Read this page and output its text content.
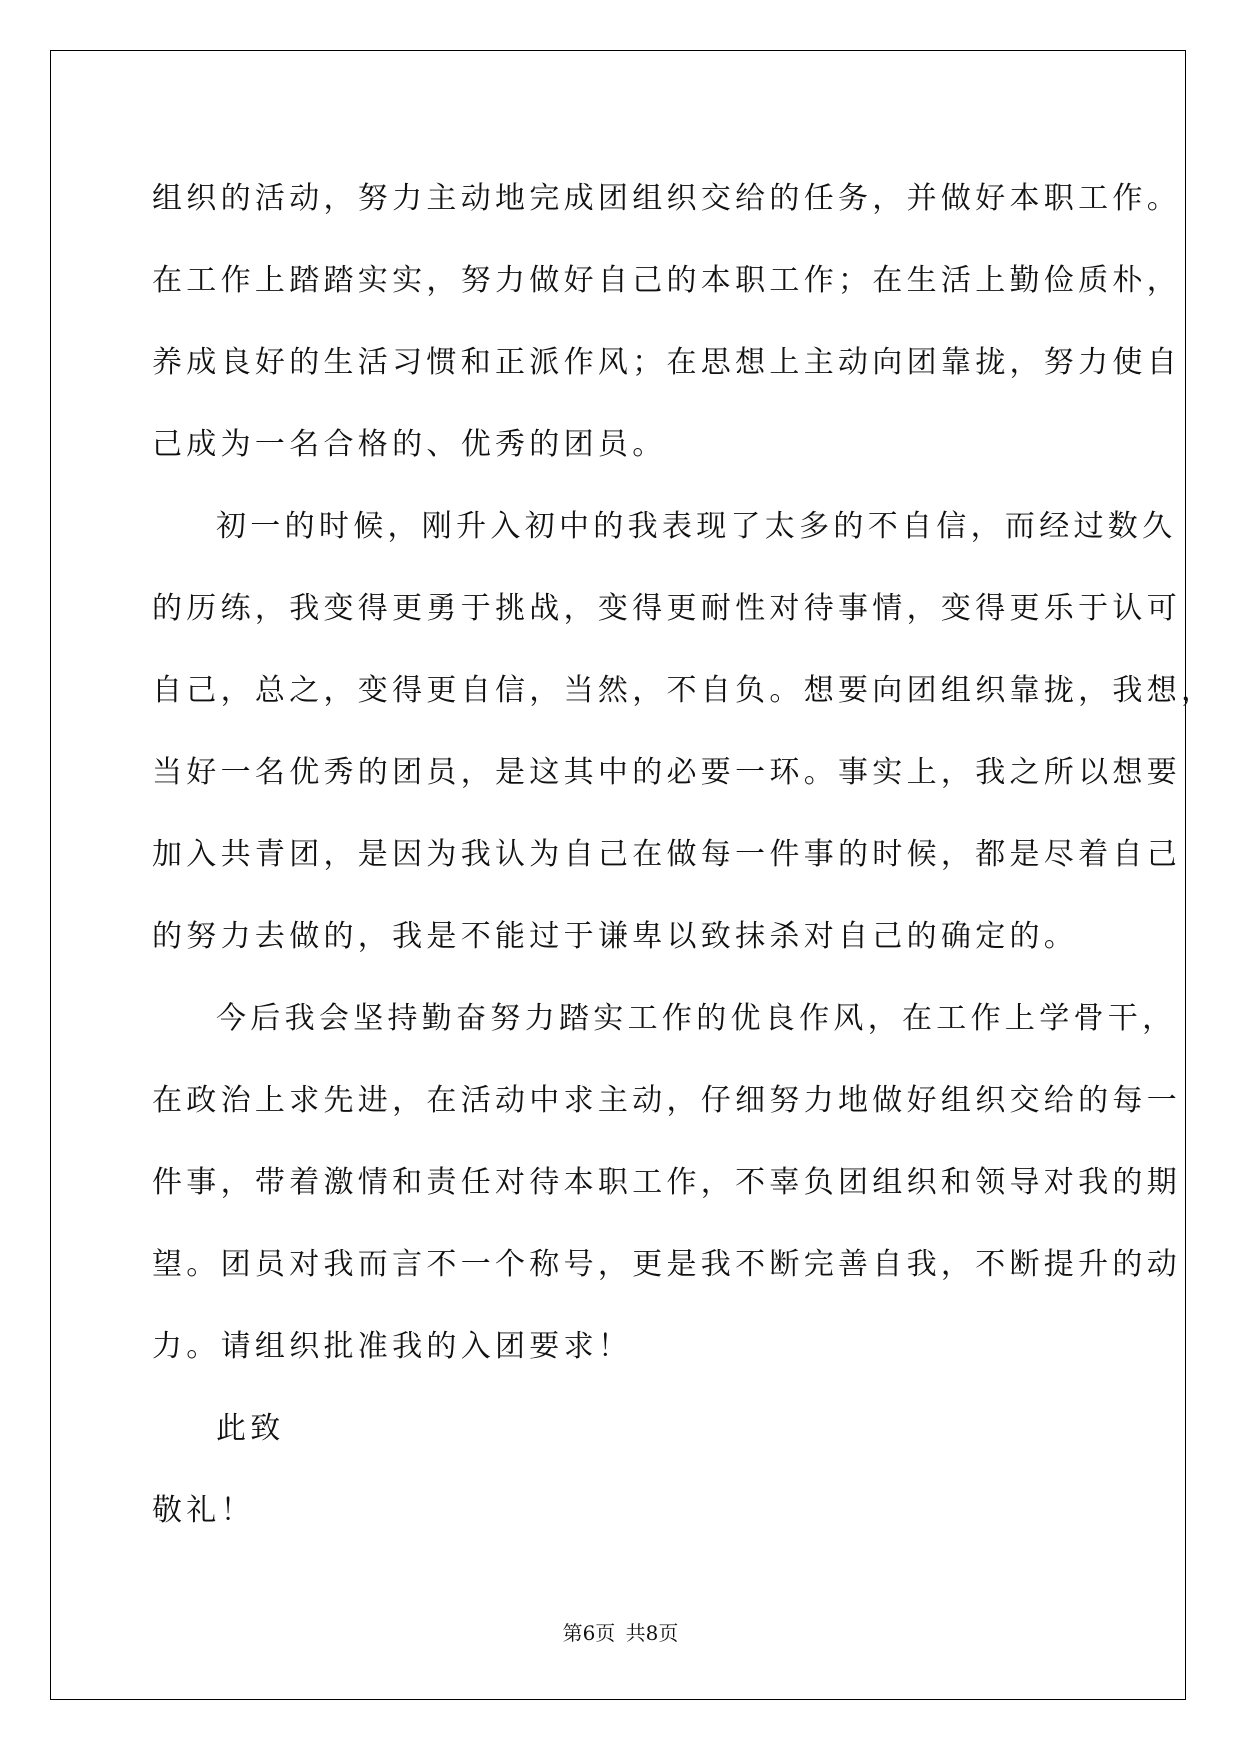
组织的活动，努力主动地完成团组织交给的任务，并做好本职工作。
在工作上踏踏实实，努力做好自己的本职工作；在生活上勤俭质朴，
养成良好的生活习惯和正派作风；在思想上主动向团靠拢，努力使自
己成为一名合格的、优秀的团员。
初一的时候，刚升入初中的我表现了太多的不自信，而经过数久
的历练，我变得更勇于挑战，变得更耐性对待事情，变得更乐于认可
自己，总之，变得更自信，当然，不自负。想要向团组织靠拢，我想，
当好一名优秀的团员，是这其中的必要一环。事实上，我之所以想要
加入共青团，是因为我认为自己在做每一件事的时候，都是尽着自己
的努力去做的，我是不能过于谦卑以致抹杀对自己的确定的。
今后我会坚持勤奋努力踏实工作的优良作风，在工作上学骨干，
在政治上求先进，在活动中求主动，仔细努力地做好组织交给的每一
件事，带着激情和责任对待本职工作，不辜负团组织和领导对我的期
望。团员对我而言不一个称号，更是我不断完善自我，不断提升的动
力。请组织批准我的入团要求！
此致
敬礼！
第6页 共8页
